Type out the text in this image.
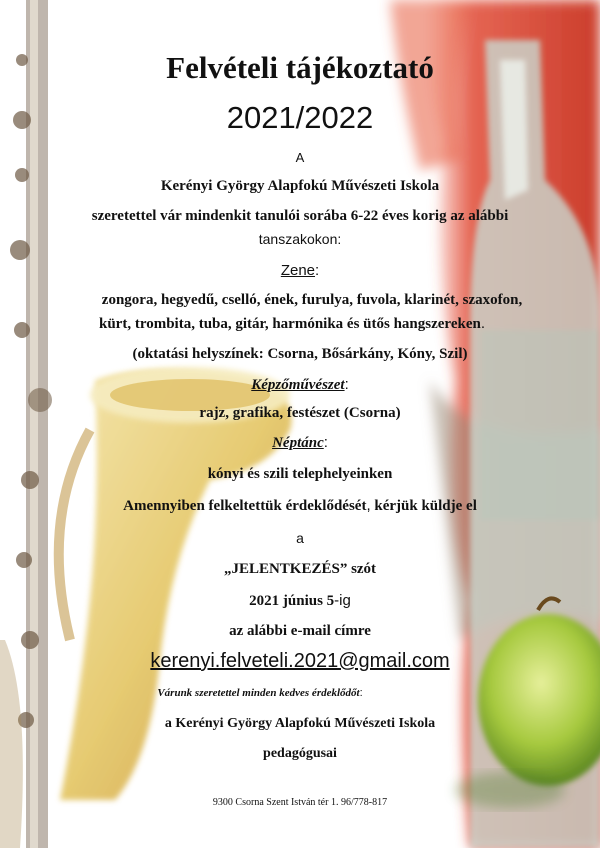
Felvételi tájékoztató
2021/2022
A
Kerényi György Alapfokú Művészeti Iskola
szeretettel vár mindenkit tanulói sorába 6-22 éves korig az alábbi
tanszakokon:
Zene:
zongora, hegyedű, cselló, ének, furulya, fuvola, klarinét, szaxofon,
kürt, trombita, tuba, gitár, harmónika és ütős hangszereken.
(oktatási helyszínek: Csorna, Bősárkány, Kóny, Szil)
Képzőművészet:
rajz, grafika, festészet (Csorna)
Néptánc:
kónyi és szili telephelyeinken
Amennyiben felkeltettük érdeklődését, kérjük küldje el
a
„JELENTKEZÉS” szót
2021 június 5-ig
az alábbi e-mail címre
kerenyi.felveteli.2021@gmail.com
Várunk szeretettel minden kedves érdeklődőt:
a Kerényi György Alapfokú Művészeti Iskola
pedagógusai
9300 Csorna Szent István tér 1. 96/778-817
